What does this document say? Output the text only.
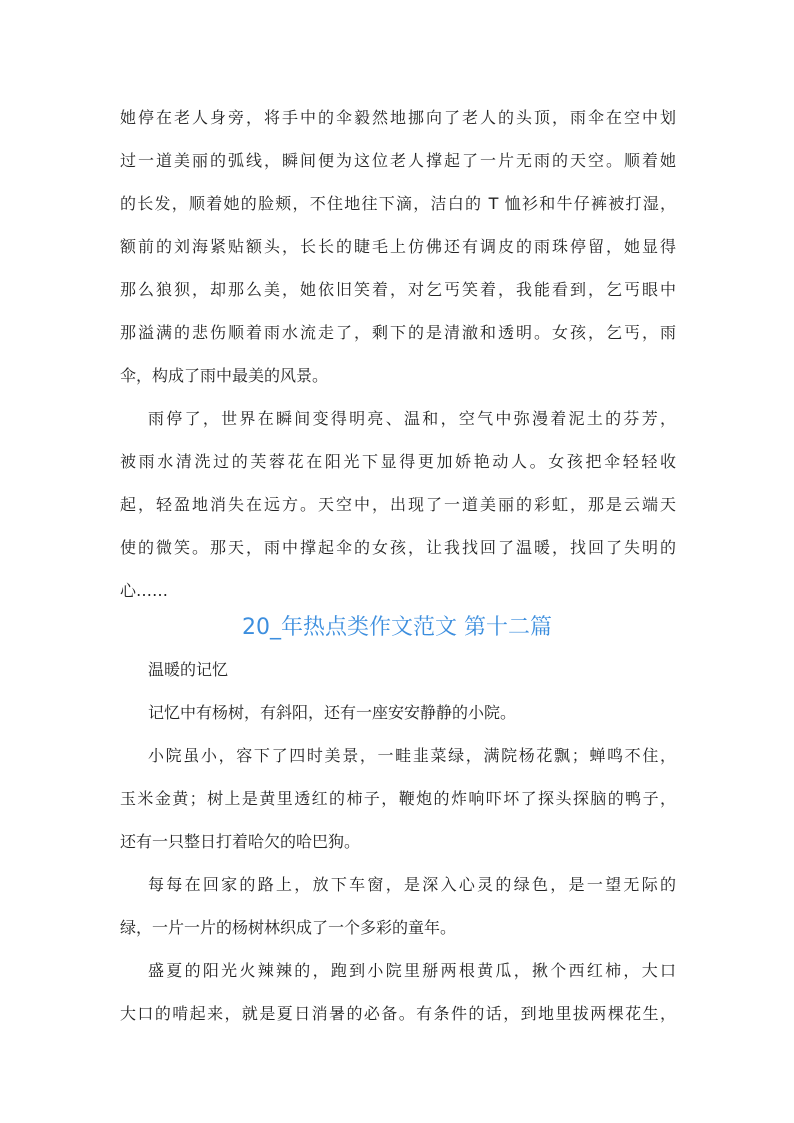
她停在老人身旁，将手中的伞毅然地挪向了老人的头顶，雨伞在空中划
过一道美丽的弧线，瞬间便为这位老人撑起了一片无雨的天空。顺着她
的长发，顺着她的脸颊，不住地往下滴，洁白的 T 恤衫和牛仔裤被打湿，
额前的刘海紧贴额头，长长的睫毛上仿佛还有调皮的雨珠停留，她显得
那么狼狈，却那么美，她依旧笑着，对乞丐笑着，我能看到，乞丐眼中
那溢满的悲伤顺着雨水流走了，剩下的是清澈和透明。女孩，乞丐，雨
伞，构成了雨中最美的风景。
雨停了，世界在瞬间变得明亮、温和，空气中弥漫着泥土的芬芳，
被雨水清洗过的芙蓉花在阳光下显得更加娇艳动人。女孩把伞轻轻收
起，轻盈地消失在远方。天空中，出现了一道美丽的彩虹，那是云端天
使的微笑。那天，雨中撑起伞的女孩，让我找回了温暖，找回了失明的
心……
20_年热点类作文范文 第十二篇
温暖的记忆
记忆中有杨树，有斜阳，还有一座安安静静的小院。
小院虽小，容下了四时美景，一畦韭菜绿，满院杨花飘；蝉鸣不住，
玉米金黄；树上是黄里透红的柿子，鞭炮的炸响吓坏了探头探脑的鸭子，
还有一只整日打着哈欠的哈巴狗。
每每在回家的路上，放下车窗，是深入心灵的绿色，是一望无际的
绿，一片一片的杨树林织成了一个多彩的童年。
盛夏的阳光火辣辣的，跑到小院里掰两根黄瓜，揪个西红柿，大口
大口的啃起来，就是夏日消暑的必备。有条件的话，到地里拔两棵花生，
